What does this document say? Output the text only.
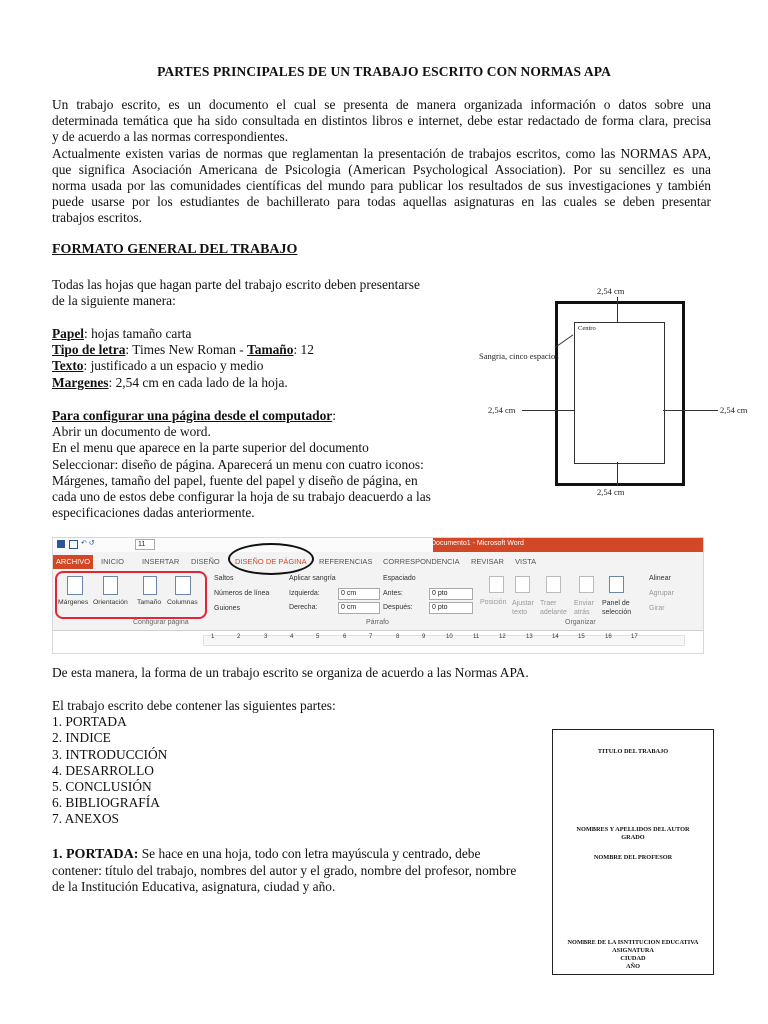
PARTES PRINCIPALES DE UN TRABAJO ESCRITO CON NORMAS APA
Un trabajo escrito, es un documento el cual se presenta de manera organizada información o datos sobre una
determinada temática que ha sido consultada en distintos libros e internet, debe estar redactado de forma clara, precisa
y de acuerdo a las normas correspondientes.
Actualmente existen varias de normas que reglamentan la presentación de trabajos escritos, como las NORMAS APA,
que significa Asociación Americana de Psicologia (American Psychological Association). Por su sencillez es una
norma usada por las comunidades científicas del mundo para publicar los resultados de sus investigaciones y también
puede usarse por los estudiantes de bachillerato para todas aquellas asignaturas en las cuales se deben presentar
trabajos escritos.
FORMATO GENERAL DEL TRABAJO
Todas las hojas que hagan parte del trabajo escrito deben presentarse
de la siguiente manera:
Papel: hojas tamaño carta
Tipo de letra: Times New Roman - Tamaño: 12
Texto: justificado a un espacio y medio
Margenes: 2,54 cm en cada lado de la hoja.
Para configurar una página desde el computador:
Abrir un documento de word.
En el menu que aparece en la parte superior del documento
Seleccionar: diseño de página. Aparecerá un menu con cuatro iconos:
Márgenes, tamaño del papel, fuente del papel y diseño de página, en
cada uno de estos debe configurar la hoja de su trabajo deacuerdo a las
especificaciones dadas anteriormente.
2,54 cm
2,54 cm
2,54 cm	2,54 cm
Centro
Sangria, cinco espacios
↶ ↺	11	Documento1 - Microsoft Word
ARCHIVO	INICIO INSERTAR DISEÑO DISEÑO DE PÁGINA REFERENCIAS CORRESPONDENCIA REVISAR VISTA
Márgenes Orientación Tamaño Columnas
Saltos
Números de línea
Guiones
Configurar página
Aplicar sangría
Izquierda:	0 cm
Derecha:	0 cm
Espaciado
Antes:	0 pto
Después:	0 pto
Párrafo
Posición Ajustar texto
Traer adelante
Enviar atrás
Panel de selección
Alinear
Agrupar
Girar
Organizar
1	2	3	4	5	6	7	8	9	10	11	12	13	14	15	16	17
De esta manera, la forma de un trabajo escrito se organiza de acuerdo a las Normas APA.
El trabajo escrito debe contener las siguientes partes:
1. PORTADA
2. INDICE
3. INTRODUCCIÓN
4. DESARROLLO
5. CONCLUSIÓN
6. BIBLIOGRAFÍA
7. ANEXOS
1. PORTADA: Se hace en una hoja, todo con letra mayúscula y centrado, debe
contener: título del trabajo, nombres del autor y el grado, nombre del profesor, nombre
de la Institución Educativa, asignatura, ciudad y año.
TITULO DEL TRABAJO
NOMBRES Y APELLIDOS DEL AUTOR
GRADO
NOMBRE DEL PROFESOR
NOMBRE DE LA ISNTITUCION EDUCATIVA
ASIGNATURA
CIUDAD
AÑO
